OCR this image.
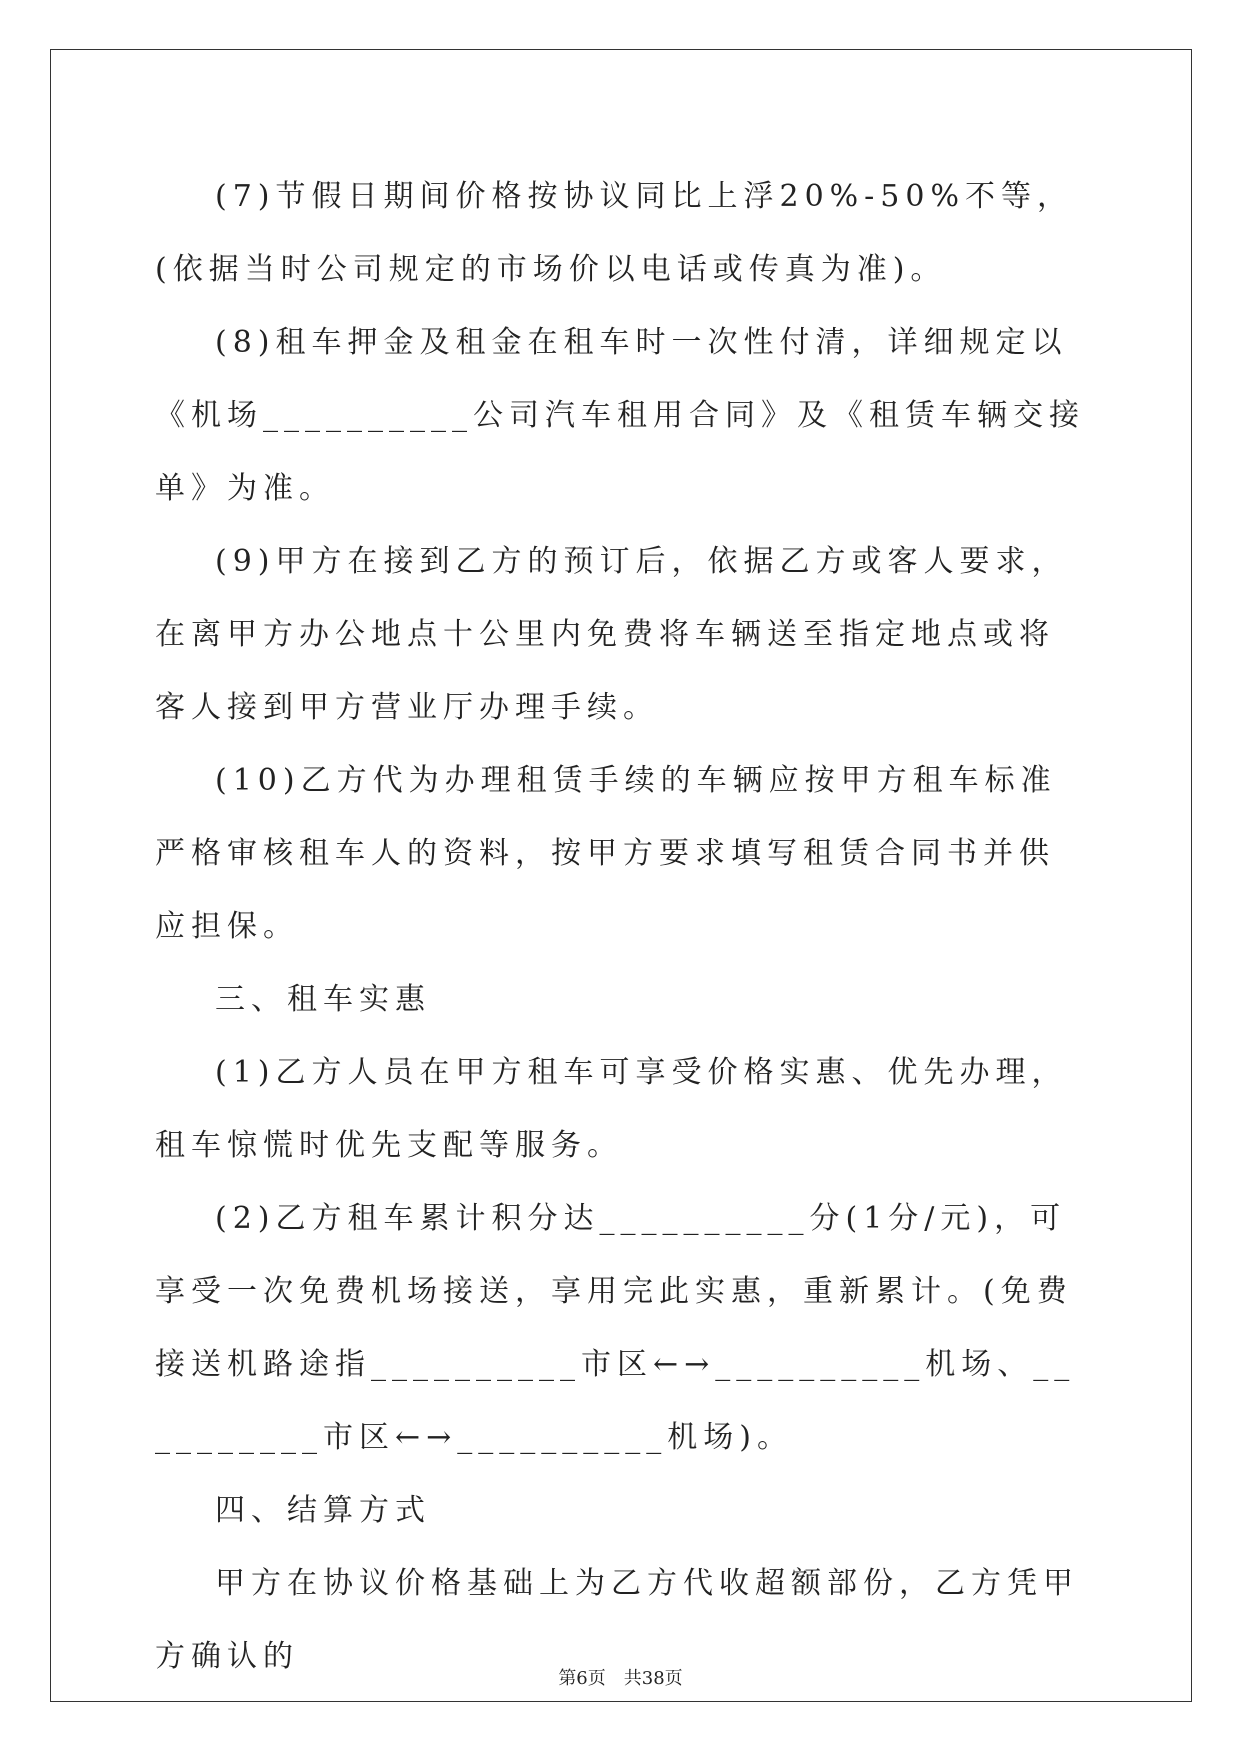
(7)节假日期间价格按协议同比上浮20%-50%不等，(依据当时公司规定的市场价以电话或传真为准)。

(8)租车押金及租金在租车时一次性付清，详细规定以《机场__________公司汽车租用合同》及《租赁车辆交接单》为准。

(9)甲方在接到乙方的预订后，依据乙方或客人要求，在离甲方办公地点十公里内免费将车辆送至指定地点或将客人接到甲方营业厅办理手续。

(10)乙方代为办理租赁手续的车辆应按甲方租车标准严格审核租车人的资料，按甲方要求填写租赁合同书并供应担保。

三、租车实惠

(1)乙方人员在甲方租车可享受价格实惠、优先办理，租车惊慌时优先支配等服务。

(2)乙方租车累计积分达__________分(1分/元)，可享受一次免费机场接送，享用完此实惠，重新累计。(免费接送机路途指__________市区←→__________机场、__________市区←→__________机场)。

四、结算方式

甲方在协议价格基础上为乙方代收超额部份，乙方凭甲方确认的

第6页　共38页
